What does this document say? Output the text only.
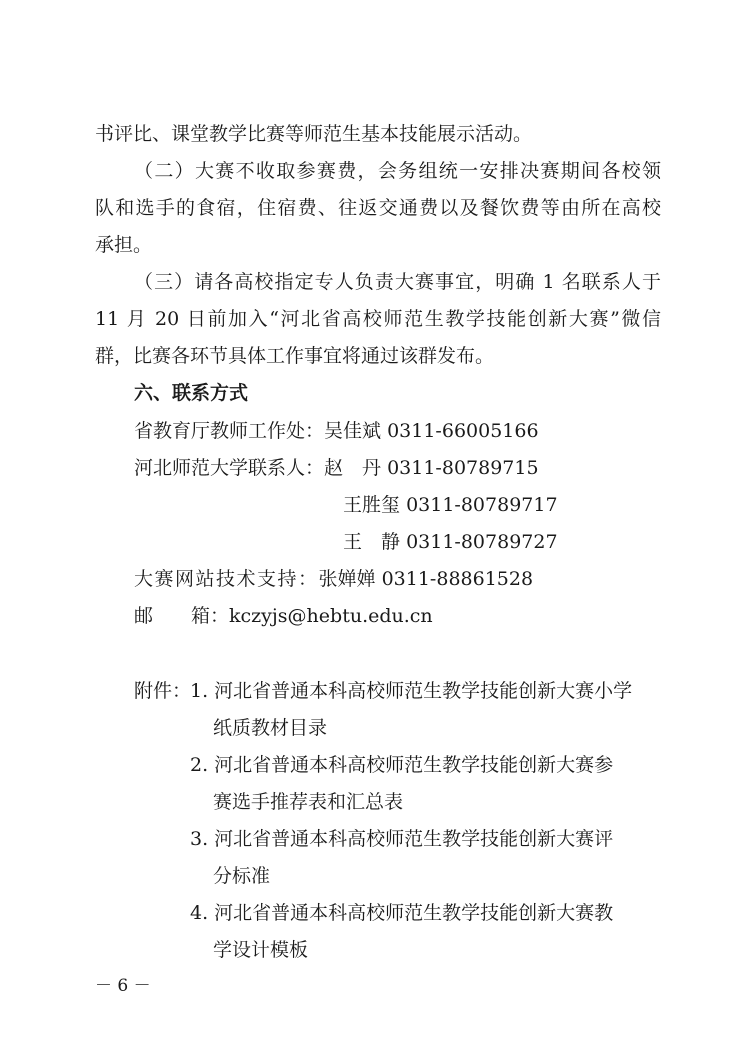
书评比、课堂教学比赛等师范生基本技能展示活动。
（二）大赛不收取参赛费，会务组统一安排决赛期间各校领
队和选手的食宿，住宿费、往返交通费以及餐饮费等由所在高校
承担。
（三）请各高校指定专人负责大赛事宜，明确 1 名联系人于
11 月 20 日前加入“河北省高校师范生教学技能创新大赛”微信
群，比赛各环节具体工作事宜将通过该群发布。
六、联系方式
省教育厅教师工作处：吴佳斌 0311-66005166
河北师范大学联系人：赵　丹 0311-80789715
王胜玺 0311-80789717
王　静 0311-80789727
大赛网站技术支持：张婵婵 0311-88861528
邮　　箱：kczyjs@hebtu.edu.cn
附件：
1. 河北省普通本科高校师范生教学技能创新大赛小学
纸质教材目录
2. 河北省普通本科高校师范生教学技能创新大赛参
赛选手推荐表和汇总表
3. 河北省普通本科高校师范生教学技能创新大赛评
分标准
4. 河北省普通本科高校师范生教学技能创新大赛教
学设计模板
－ 6 －
